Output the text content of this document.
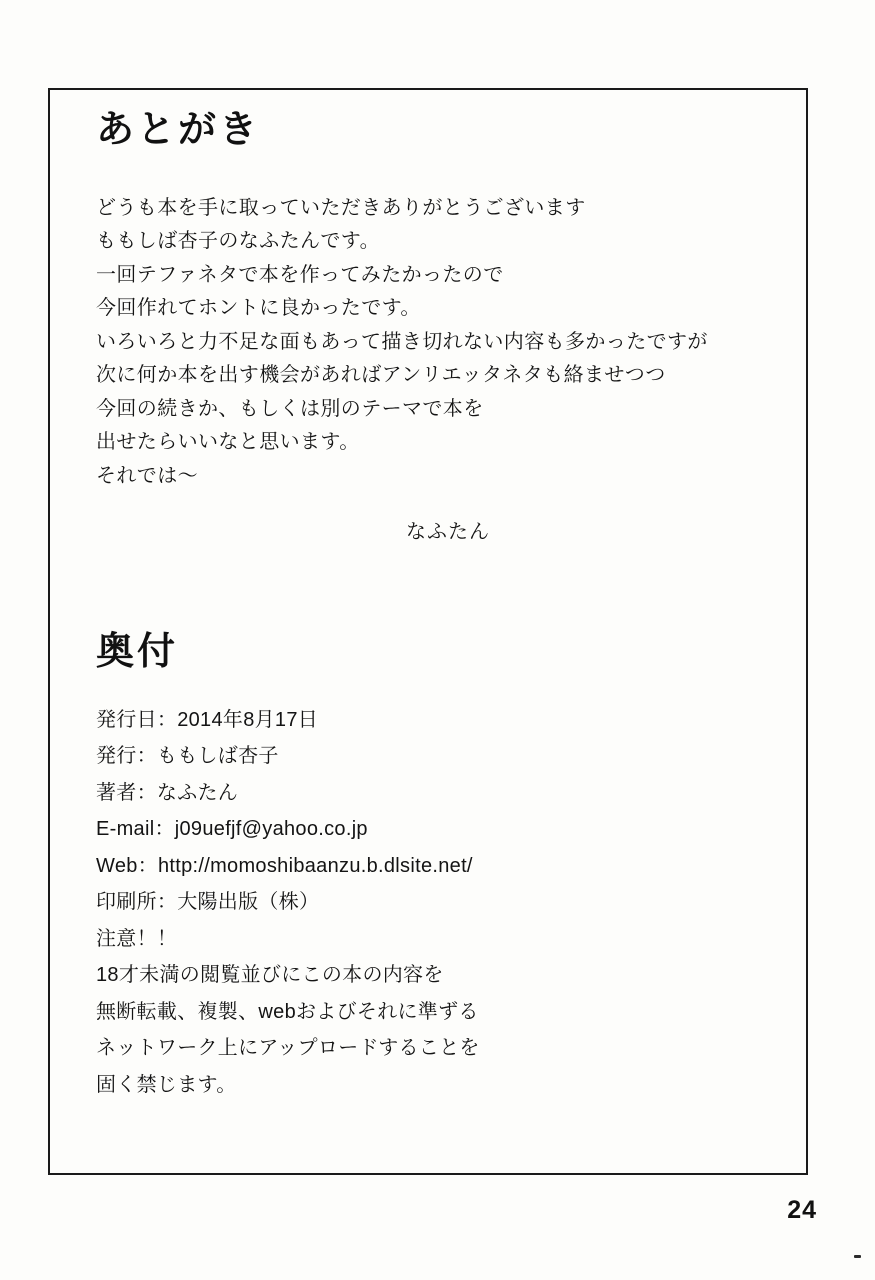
あとがき
どうも本を手に取っていただきありがとうございます
ももしば杏子のなふたんです。
一回テファネタで本を作ってみたかったので
今回作れてホントに良かったです。
いろいろと力不足な面もあって描き切れない内容も多かったですが
次に何か本を出す機会があればアンリエッタネタも絡ませつつ
今回の続きか、もしくは別のテーマで本を
出せたらいいなと思います。
それでは～
なふたん
奥付
発行日：2014年8月17日
発行：ももしば杏子
著者：なふたん
E-mail：j09uefjf@yahoo.co.jp
Web：http://momoshibaanzu.b.dlsite.net/
印刷所：大陽出版（株）
注意！！
18才未満の閲覧並びにこの本の内容を
無断転載、複製、webおよびそれに準ずる
ネットワーク上にアップロードすることを
固く禁じます。
24
